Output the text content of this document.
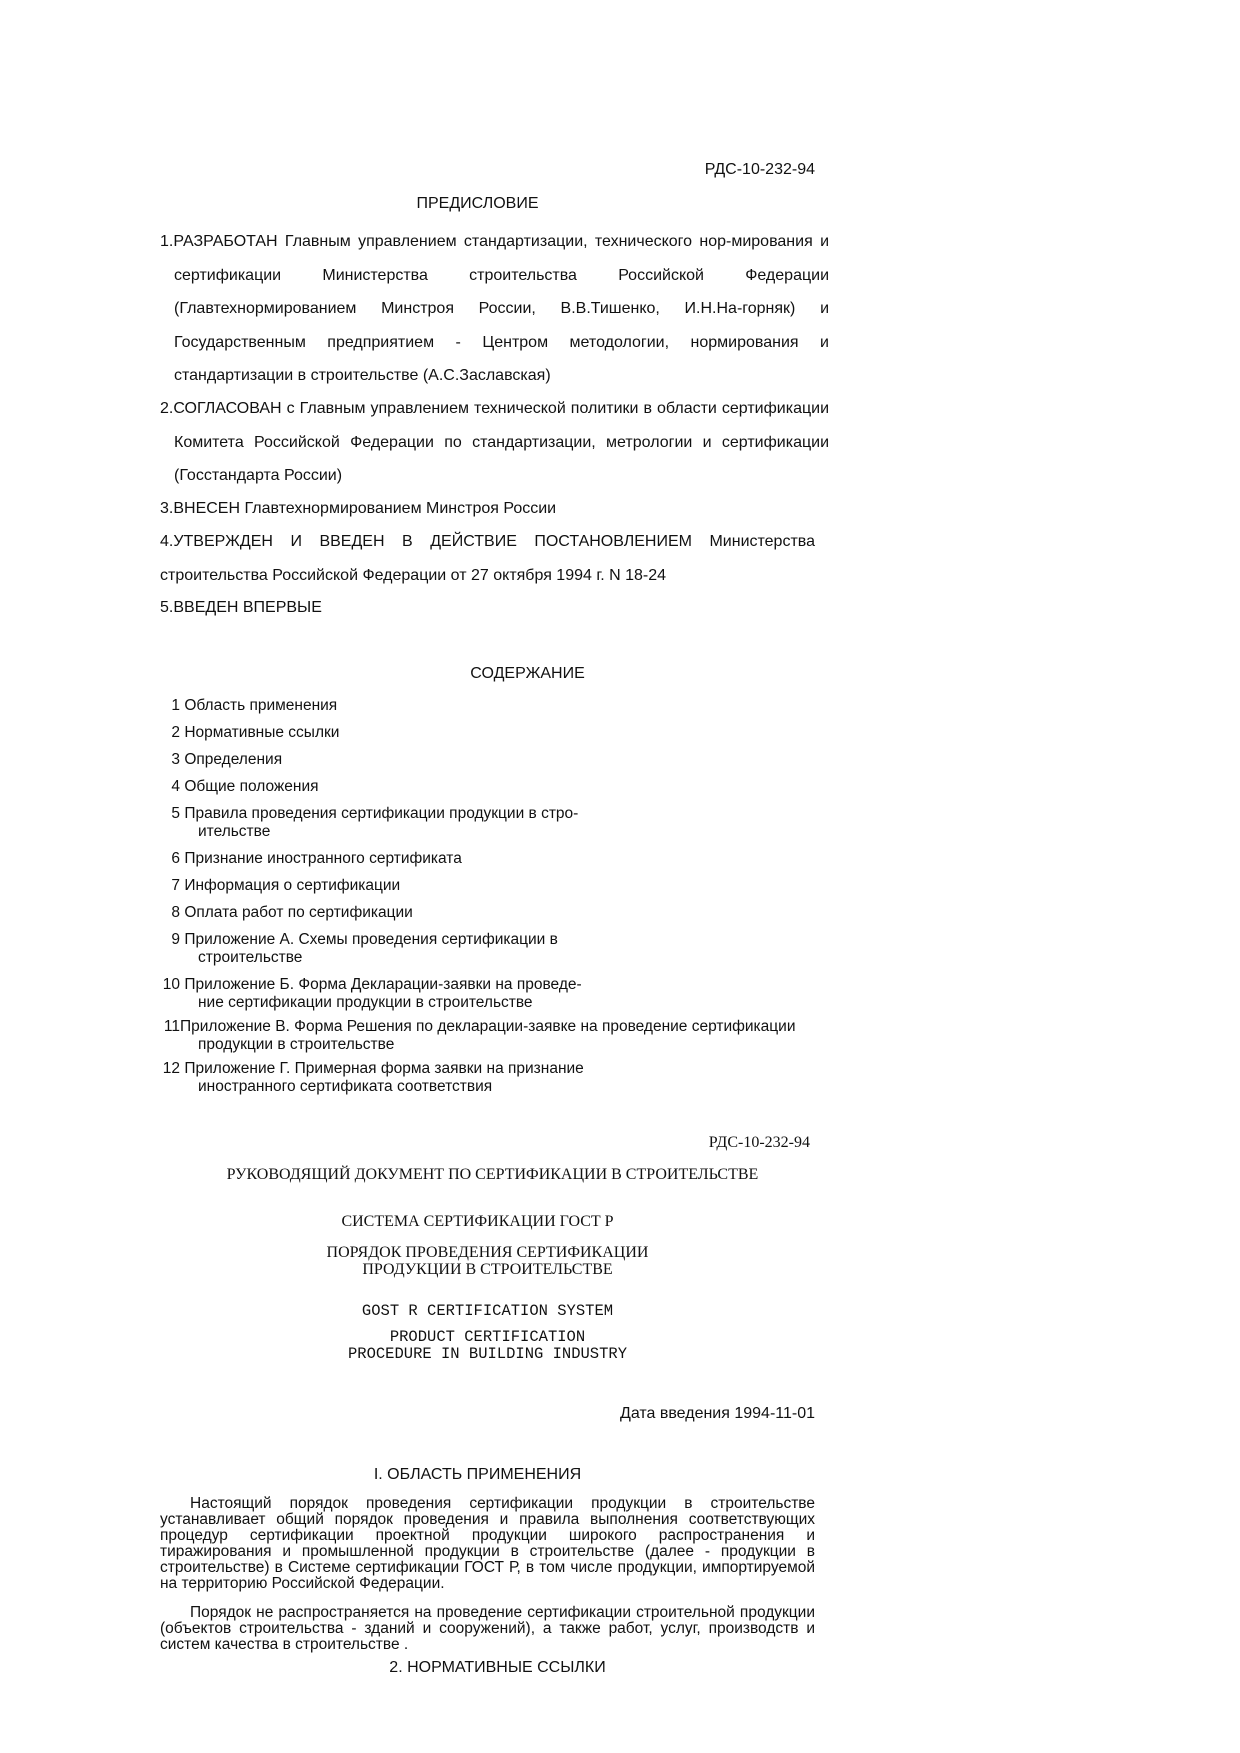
РДС-10-232-94
ПРЕДИСЛОВИЕ

1.РАЗРАБОТАН Главным управлением стандартизации, технического нор-мирования и сертификации Министерства строительства Российской Федерации (Главтехнормированием Минстроя России, В.В.Тишенко, И.Н.На-горняк) и Государственным предприятием - Центром методологии, нормирования и стандартизации в строительстве (А.С.Заславская)

2.СОГЛАСОВАН с Главным управлением технической политики в области сертификации Комитета Российской Федерации по стандартизации, метрологии и сертификации (Госстандарта России)

3.ВНЕСЕН Главтехнормированием Минстроя России

4.УТВЕРЖДЕН И ВВЕДЕН В ДЕЙСТВИЕ ПОСТАНОВЛЕНИЕМ Министерства строительства Российской Федерации от 27 октября 1994 г. N 18-24

5.ВВЕДЕН ВПЕРВЫЕ

СОДЕРЖАНИЕ
1 Область применения
2 Нормативные ссылки
3 Определения
4 Общие положения
5 Правила проведения сертификации продукции в стро-
ительстве
6 Признание иностранного сертификата
7 Информация о сертификации
8 Оплата работ по сертификации
9 Приложение А. Схемы проведения сертификации в
строительстве
10 Приложение Б. Форма Декларации-заявки на проведе-
ние сертификации продукции в строительстве
11Приложение В. Форма Решения по декларации-заявке на проведение сертификации
продукции в строительстве
12 Приложение Г. Примерная форма заявки на признание
иностранного сертификата соответствия
РДС-10-232-94
РУКОВОДЯЩИЙ ДОКУМЕНТ ПО СЕРТИФИКАЦИИ В СТРОИТЕЛЬСТВЕ
СИСТЕМА СЕРТИФИКАЦИИ ГОСТ Р
ПОРЯДОК ПРОВЕДЕНИЯ СЕРТИФИКАЦИИ
ПРОДУКЦИИ В СТРОИТЕЛЬСТВЕ
GOST R CERTIFICATION SYSTEM
PRODUCT CERTIFICATION
PROCEDURE IN BUILDING INDUSTRY
Дата введения 1994-11-01
I. ОБЛАСТЬ ПРИМЕНЕНИЯ

Настоящий порядок проведения сертификации продукции в строительстве устанавливает общий порядок проведения и правила выполнения соответствующих процедур сертификации проектной продукции широкого распространения и тиражирования и промышленной продукции в строительстве (далее - продукции в строительстве) в Системе сертификации ГОСТ Р, в том числе продукции, импортируемой на территорию Российской Федерации.

Порядок не распространяется на проведение сертификации строительной продукции (объектов строительства - зданий и сооружений), а также работ, услуг, производств и систем качества в строительстве .

2. НОРМАТИВНЫЕ ССЫЛКИ
